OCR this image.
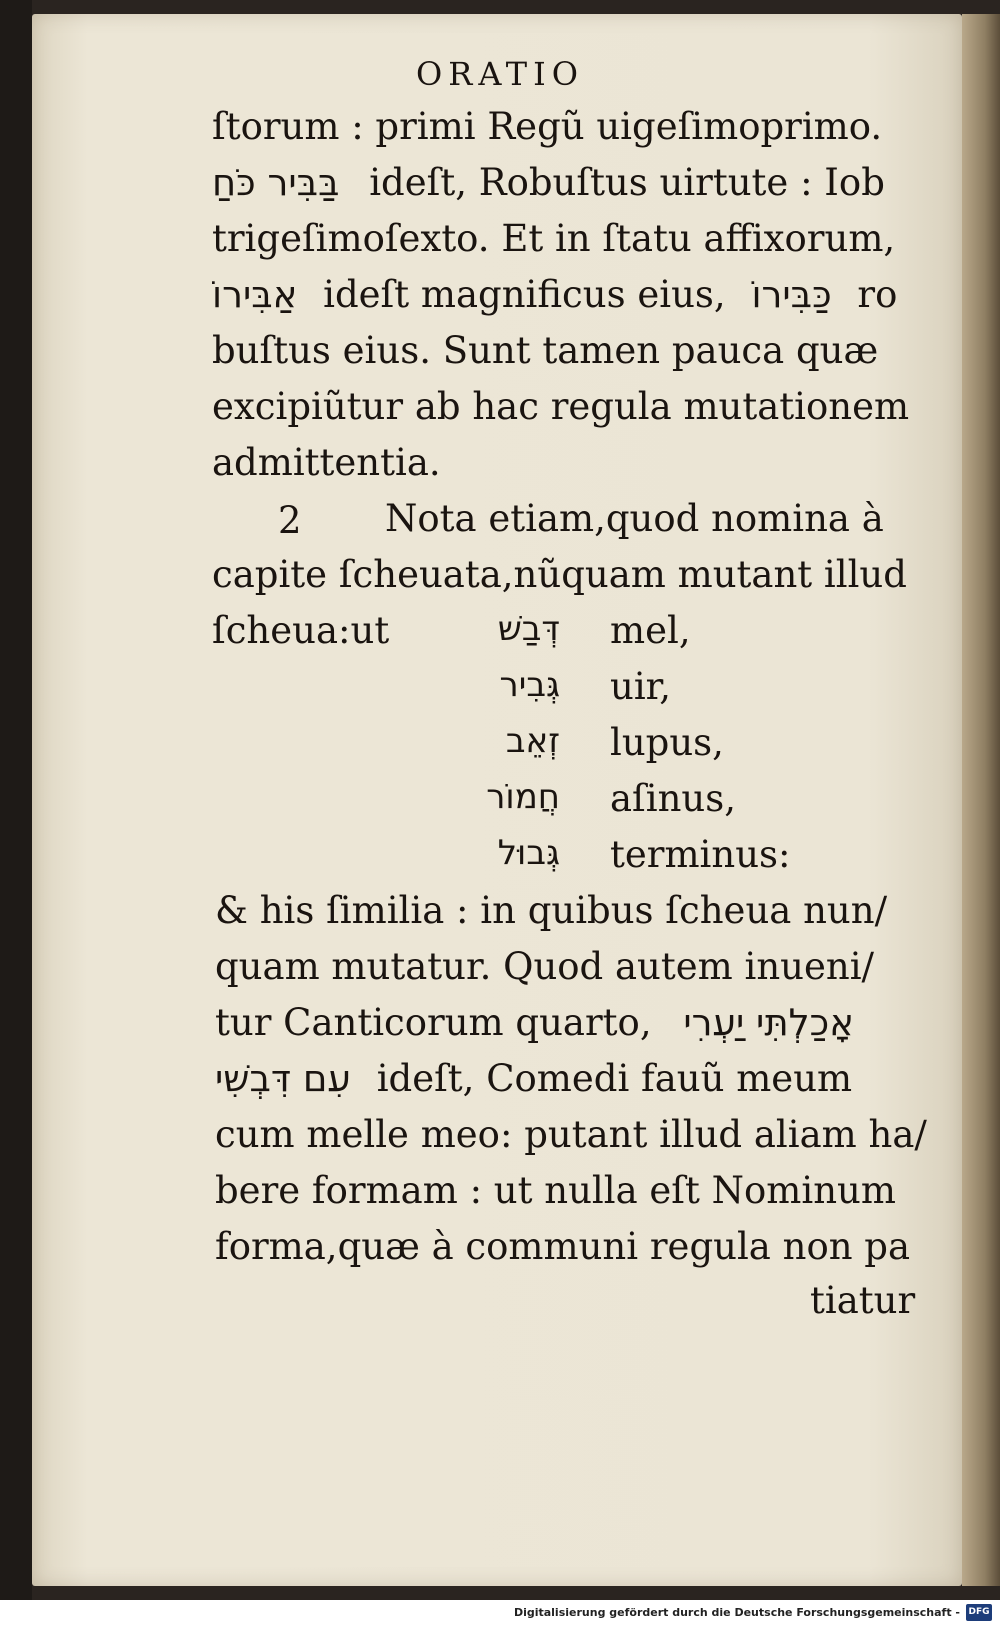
ORATIO
ſtorum : primi Regũ uigeſimoprimo.
בַּבִּיר כֹּחַ ideſt, Robuſtus uirtute : Iob
trigeſimoſexto. Et in ſtatu affixorum,
אַבִּירוֹ ideſt magnificus eius, כַּבִּירוֹ ro
buſtus eius. Sunt tamen pauca quæ
excipiũtur ab hac regula mutationem
admittentia.
2 Nota etiam,quod nomina à
capite ſcheuata,nũquam mutant illud
ſcheua:ut	דְּבַשׁ mel,
גְּבִיר uir,
זְאֵב lupus,
חֲמוֹר aſinus,
גְּבוּל terminus:
& his ſimilia : in quibus ſcheua nun/
quam mutatur. Quod autem inueni/
tur Canticorum quarto, אָכַלְתִּי יַעְרִי
עִם דִּבְשִׁי ideſt, Comedi fauũ meum
cum melle meo: putant illud aliam ha/
bere formam : ut nulla eſt Nominum
forma,quæ à communi regula non pa
tiatur
Digitalisierung gefördert durch die Deutsche Forschungsgemeinschaft - DFG
